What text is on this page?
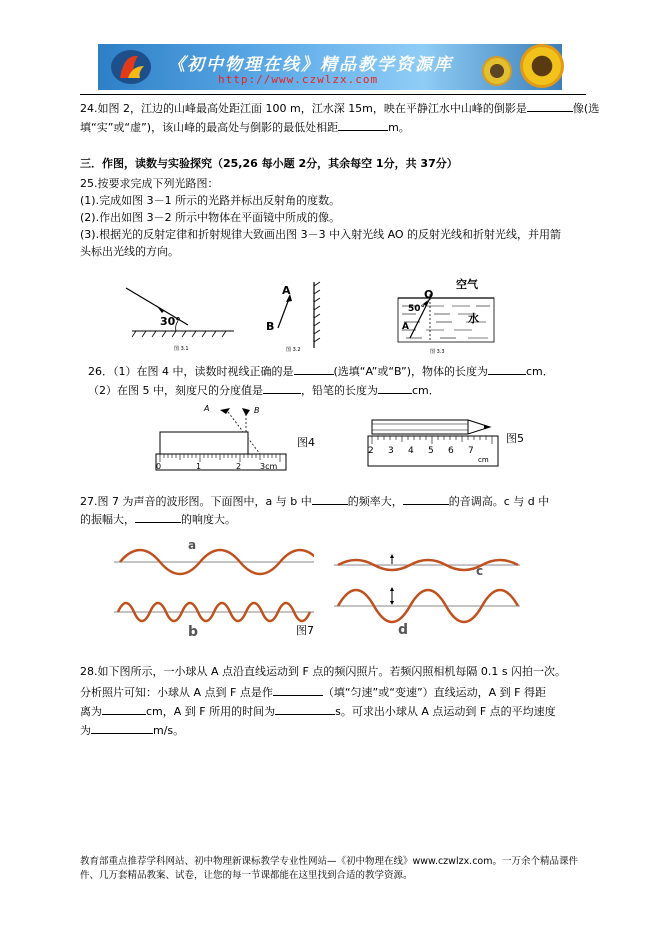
《初中物理在线》精品教学资源库
http://www.czwlzx.com
24.如图 2，江边的山峰最高处距江面 100 m，江水深 15m，映在平静江水中山峰的倒影是	像(选
填“实”或“虚”)，该山峰的最高处与倒影的最低处相距	m。
三．作图，读数与实验探究（25,26 每小题 2分，其余每空 1分，共 37分）
25.按要求完成下列光路图：
(1).完成如图 3－1 所示的光路并标出反射角的度数。
(2).作出如图 3－2 所示中物体在平面镜中所成的像。
(3).根据光的反射定律和折射规律大致画出图 3－3 中入射光线 AO 的反射光线和折射光线，并用箭
头标出光线的方向。
30°
图 3.1
A
B
图 3.2
空气
O
水
50°
A
图 3.3
26．（1）在图 4 中，读数时视线正确的是	(选填“A”或“B”)，物体的长度为	cm．
（2）在图 5 中，刻度尺的分度值是	，铅笔的长度为	cm．
A	B
0	1	2 3cm
图4
2 3 4 5 6 7
cm
图5
27.图 7 为声音的波形图。下面图中，a 与 b 中	的频率大，	的音调高。c 与 d 中
的振幅大，	的响度大。
a
b	图7
c
d
28.如下图所示，一小球从 A 点沿直线运动到 F 点的频闪照片。若频闪照相机每隔 0.1 s 闪拍一次。
分析照片可知：小球从 A 点到 F 点是作	（填“匀速”或“变速”）直线运动，A 到 F 得距
离为	cm，A 到 F 所用的时间为	s。可求出小球从 A 点运动到 F 点的平均速度
为	m/s。
教育部重点推荐学科网站、初中物理新课标教学专业性网站—《初中物理在线》www.czwlzx.com。一万余个精品课件
件、几万套精品教案、试卷，让您的每一节课都能在这里找到合适的教学资源。
